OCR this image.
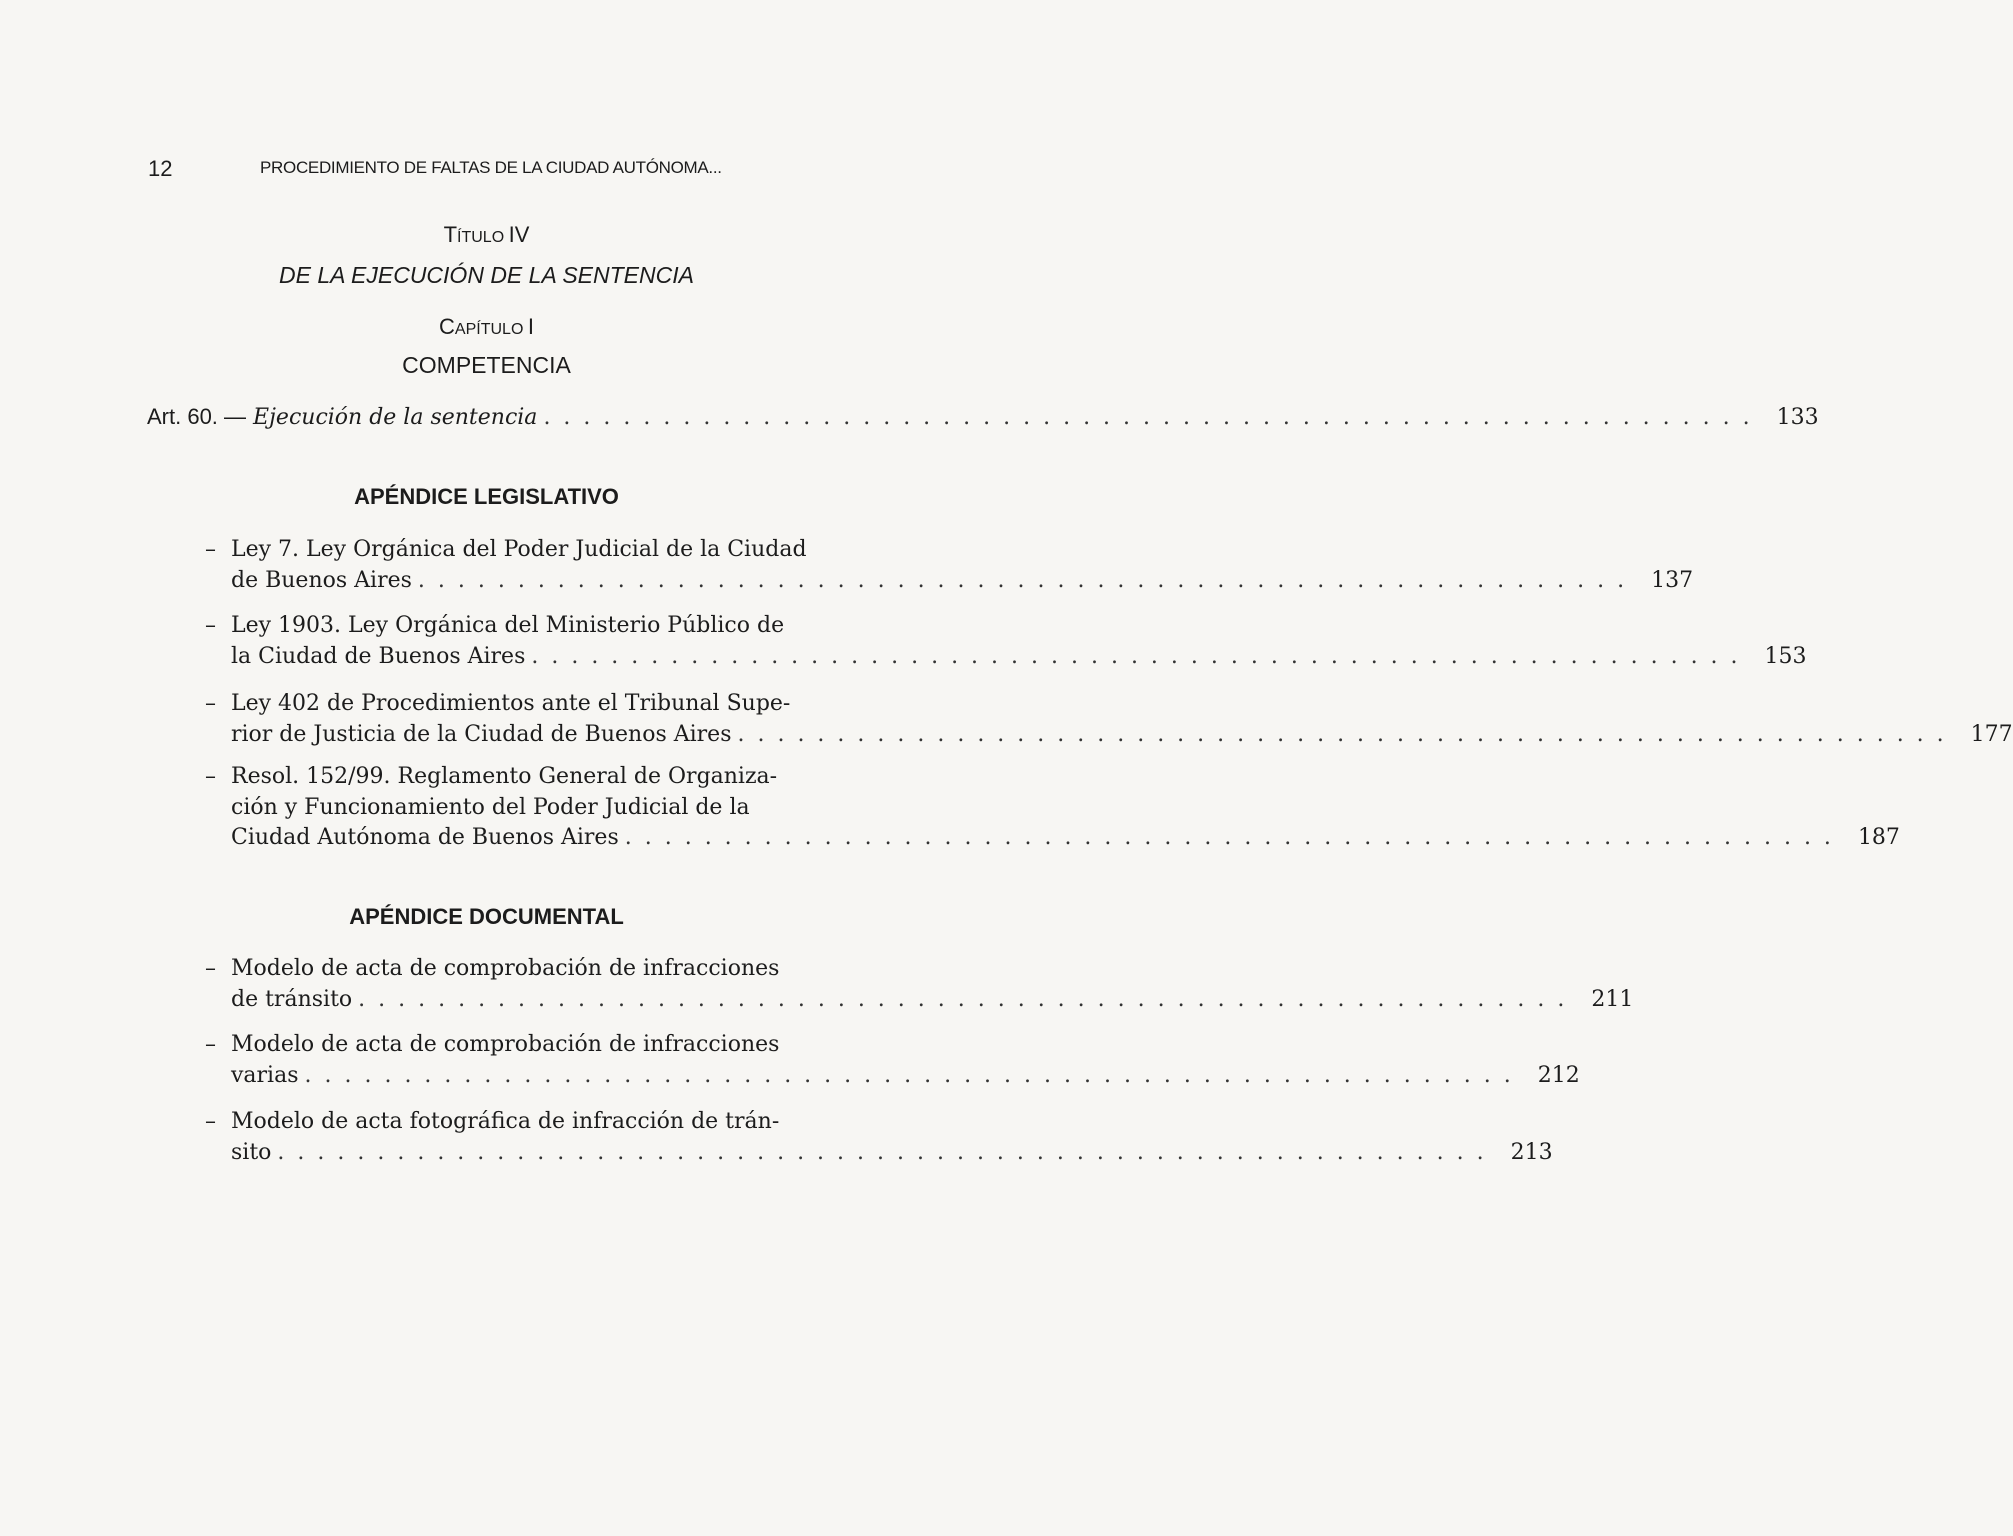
12	PROCEDIMIENTO DE FALTAS DE LA CIUDAD AUTÓNOMA...
TÍTULO IV
DE LA EJECUCIÓN DE LA SENTENCIA
CAPÍTULO I
COMPETENCIA
Art. 60. — Ejecución de la sentencia . . . . . . . . . . . . . . . . . . . . . . . . . . . . . . . . . . . . . . . . . . . . . . . . . . . . . . . . . . . . .	133
APÉNDICE LEGISLATIVO
– Ley 7. Ley Orgánica del Poder Judicial de la Ciudad
de Buenos Aires . . . . . . . . . . . . . . . . . . . . . . . . . . . . . . . . . . . . . . . . . . . . . . . . . . . . . . . . . . . . .	137
– Ley 1903. Ley Orgánica del Ministerio Público de
la Ciudad de Buenos Aires . . . . . . . . . . . . . . . . . . . . . . . . . . . . . . . . . . . . . . . . . . . . . . . . . . . . . . . . . . . . .	153
– Ley 402 de Procedimientos ante el Tribunal Supe-
rior de Justicia de la Ciudad de Buenos Aires . . . . . . . . . . . . . . . . . . . . . . . . . . . . . . . . . . . . . . . . . . . . . . . . . . . . . . . . . . . . .	177
– Resol. 152/99. Reglamento General de Organiza-
ción y Funcionamiento del Poder Judicial de la
Ciudad Autónoma de Buenos Aires . . . . . . . . . . . . . . . . . . . . . . . . . . . . . . . . . . . . . . . . . . . . . . . . . . . . . . . . . . . . .	187
APÉNDICE DOCUMENTAL
– Modelo de acta de comprobación de infracciones
de tránsito . . . . . . . . . . . . . . . . . . . . . . . . . . . . . . . . . . . . . . . . . . . . . . . . . . . . . . . . . . . . .	211
– Modelo de acta de comprobación de infracciones
varias . . . . . . . . . . . . . . . . . . . . . . . . . . . . . . . . . . . . . . . . . . . . . . . . . . . . . . . . . . . . .	212
– Modelo de acta fotográfica de infracción de trán-
sito . . . . . . . . . . . . . . . . . . . . . . . . . . . . . . . . . . . . . . . . . . . . . . . . . . . . . . . . . . . . .	213
